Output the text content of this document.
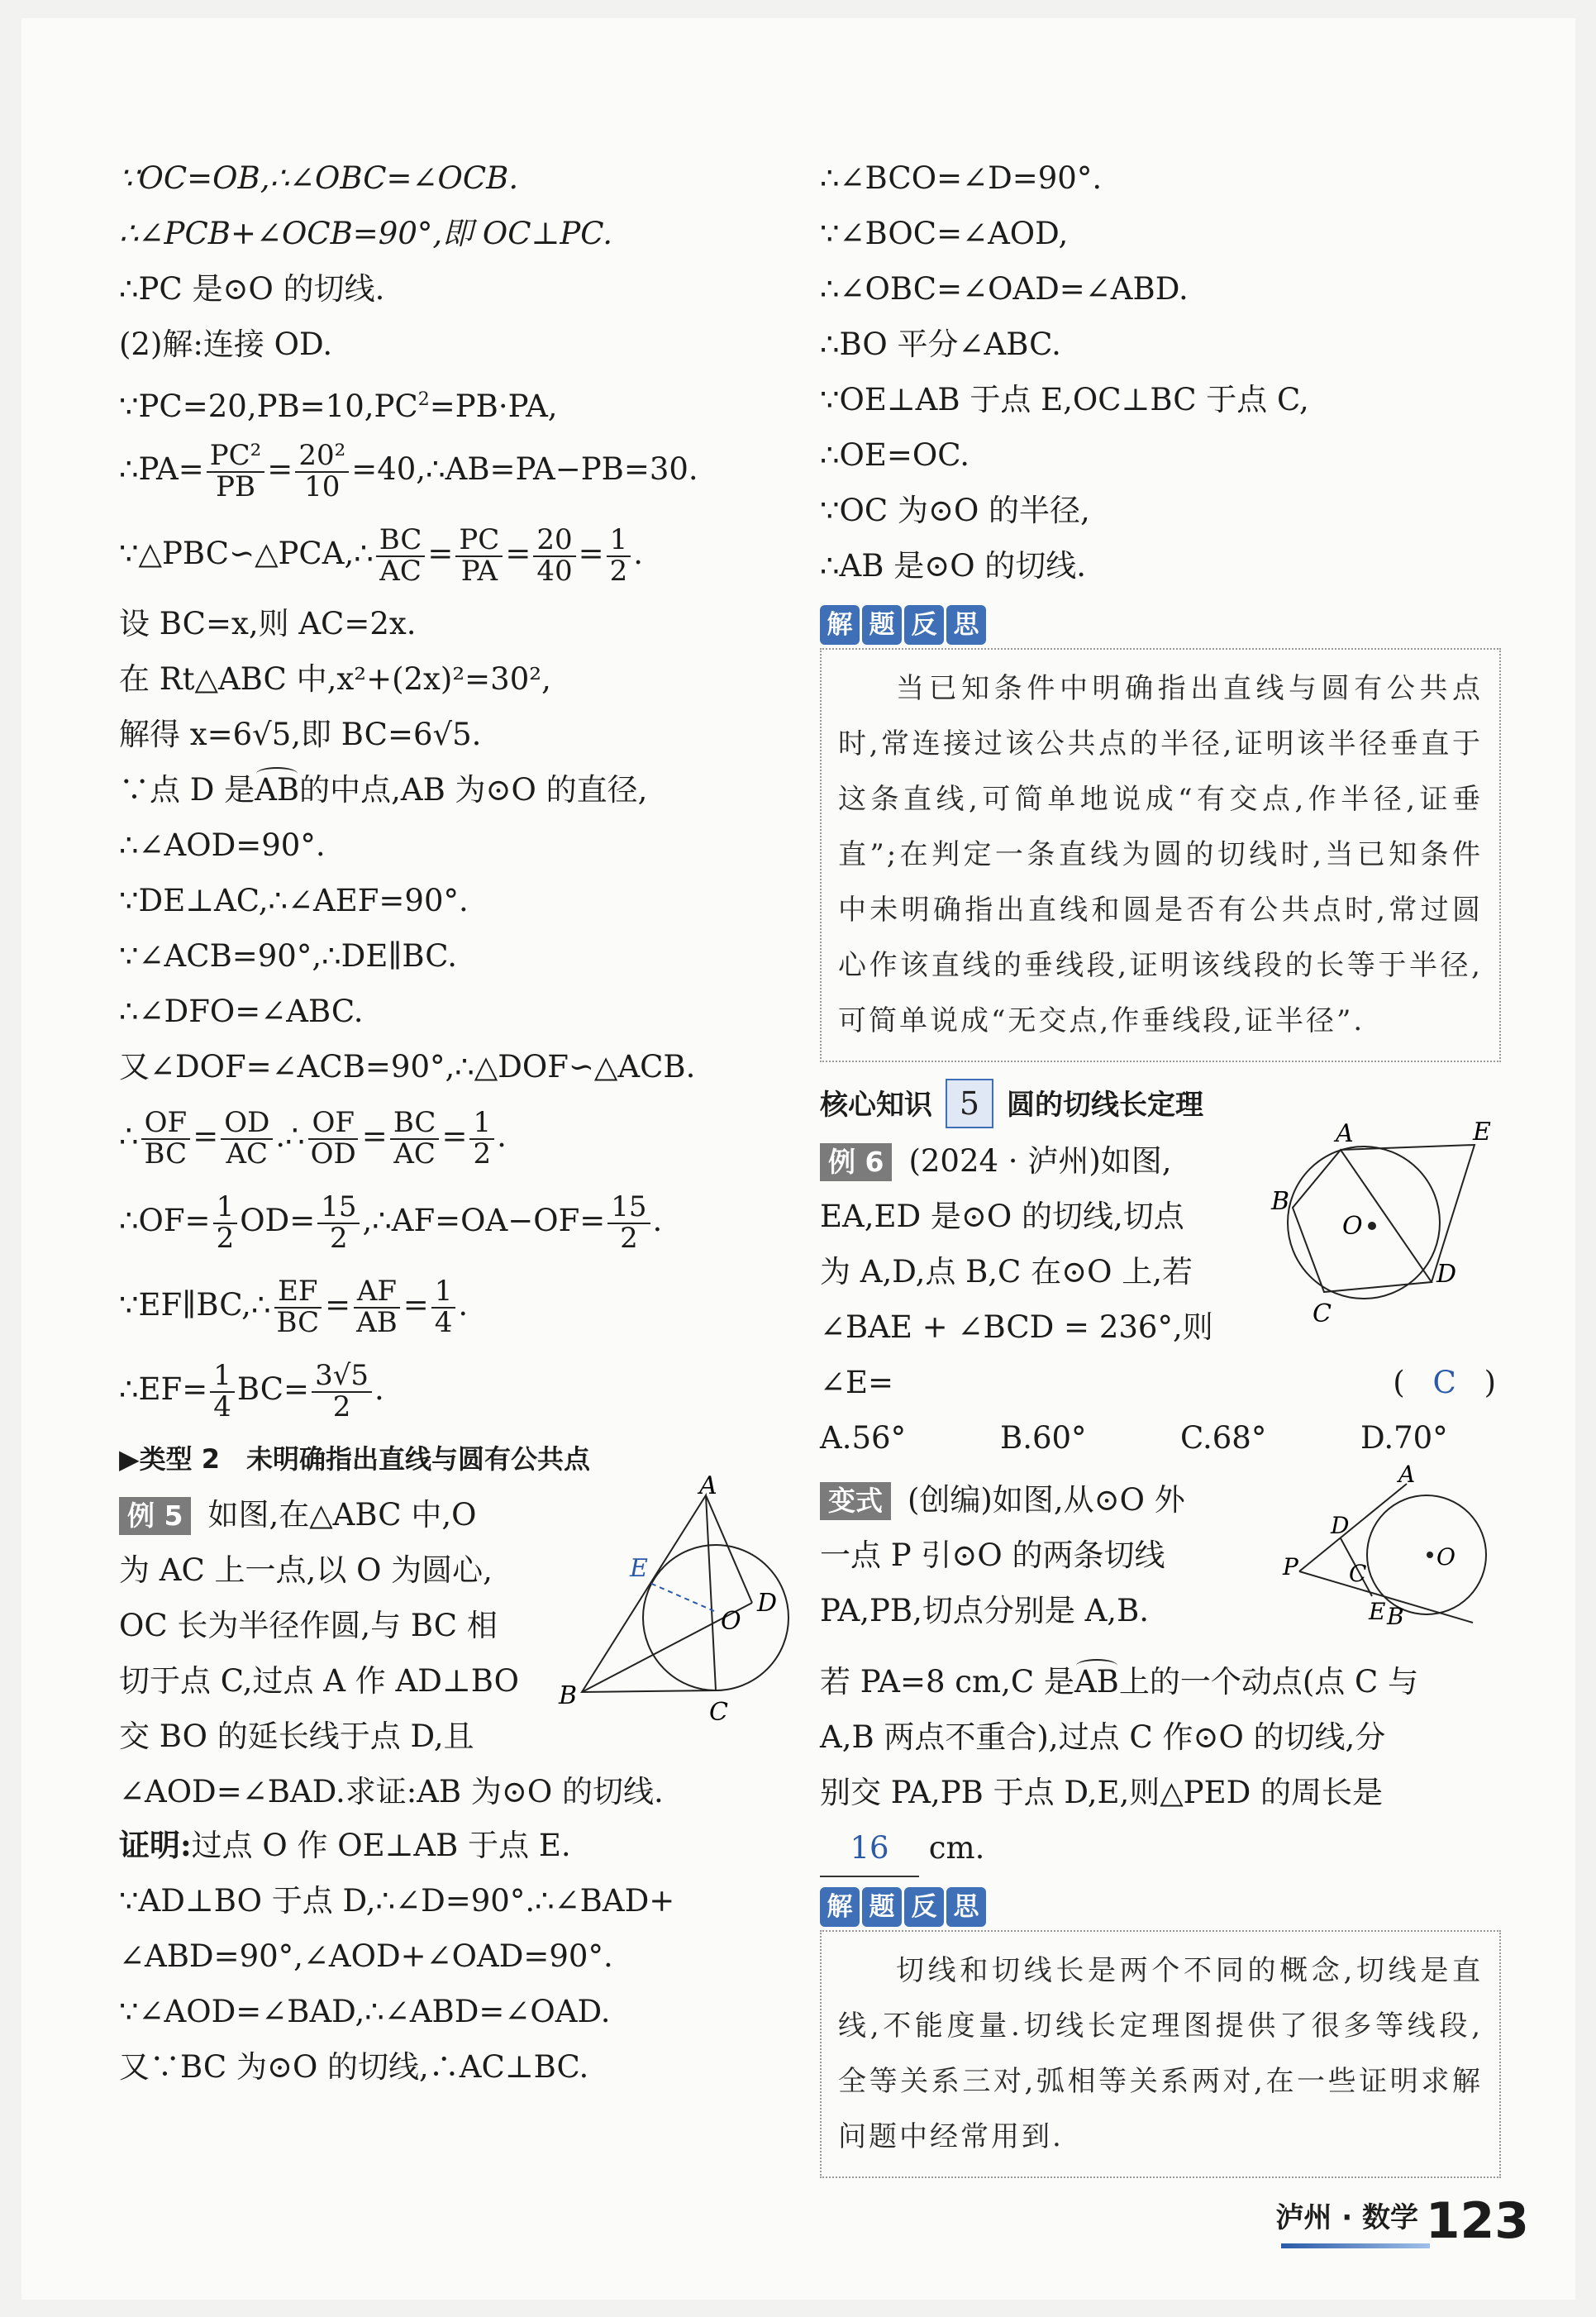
∵OC=OB,∴∠OBC=∠OCB.
∴∠PCB+∠OCB=90°,即 OC⊥PC.
∴PC 是⊙O 的切线.
(2)解:连接 OD.
$\because PC=20,PB=10,PC^2=PB\cdot PA$,
∴PA= $\frac{\text{PC²}}{PB} = \frac{\text{20²}}{10}$ =40,∴AB=PA−PB=30.
∵△PBC∽△PCA,∴ $\frac{BC}{AC} = \frac{PC}{PA} = \frac{20}{40} = \frac{1}{2}$ .
设 BC=x,则 AC=2x.
在 Rt△ABC 中,x²+(2x)²=30²,
解得 x=6√5,即 BC=6√5.
∵点 D 是AB的中点,AB 为⊙O 的直径,
∴∠AOD=90°.
∵DE⊥AC,∴∠AEF=90°.
∵∠ACB=90°,∴DE∥BC.
∴∠DFO=∠ABC.
又∠DOF=∠ACB=90°,∴△DOF∽△ACB.
∴ $\frac{OF}{BC} = \frac{OD}{AC}$ .∴ $\frac{OF}{OD} = \frac{BC}{AC} = \frac{1}{2}$ .
∴OF= $\frac{1}{2} OD= \frac{15}{2}$ ,∴AF=OA−OF= $\frac{15}{2}$ .
∵EF∥BC,∴ $\frac{EF}{BC} = \frac{AF}{AB} = \frac{1}{4}$ .
∴EF= $\frac{1}{4} BC= \frac{3√5}{2}$ .
▶类型 2　未明确指出直线与圆有公共点
例 5 如图,在△ABC 中,O
为 AC 上一点,以 O 为圆心,
OC 长为半径作圆,与 BC 相
切于点 C,过点 A 作 AD⊥BO
交 BO 的延长线于点 D,且
A
B
C
D
E
O
∠AOD=∠BAD.求证:AB 为⊙O 的切线.
证明:过点 O 作 OE⊥AB 于点 E.
∵AD⊥BO 于点 D,∴∠D=90°.∴∠BAD+
∠ABD=90°,∠AOD+∠OAD=90°.
∵∠AOD=∠BAD,∴∠ABD=∠OAD.
又∵BC 为⊙O 的切线,∴AC⊥BC.
∴∠BCO=∠D=90°.
∵∠BOC=∠AOD,
∴∠OBC=∠OAD=∠ABD.
∴BO 平分∠ABC.
∵OE⊥AB 于点 E,OC⊥BC 于点 C,
∴OE=OC.
∵OC 为⊙O 的半径,
∴AB 是⊙O 的切线.
解 题 反 思
当已知条件中明确指出直线与圆有公共点时,常连接过该公共点的半径,证明该半径垂直于这条直线,可简单地说成“有交点,作半径,证垂直”;在判定一条直线为圆的切线时,当已知条件中未明确指出直线和圆是否有公共点时,常过圆心作该直线的垂线段,证明该线段的长等于半径,可简单说成“无交点,作垂线段,证半径”.
核心知识 5 圆的切线长定理
例 6 (2024 · 泸州)如图,
EA,ED 是⊙O 的切线,切点
为 A,D,点 B,C 在⊙O 上,若
∠BAE + ∠BCD = 236°,则
∠E=
A	E
B
O
D
C
( C )
A.56°	B.60°	C.68°	D.70°
变式 (创编)如图,从⊙O 外
一点 P 引⊙O 的两条切线
PA,PB,切点分别是 A,B.
A
D
P C
O
E B
若 PA=8 cm,C 是AB上的一个动点(点 C 与
A,B 两点不重合),过点 C 作⊙O 的切线,分
别交 PA,PB 于点 D,E,则△PED 的周长是
16 cm.
解 题 反 思
切线和切线长是两个不同的概念,切线是直线,不能度量.切线长定理图提供了很多等线段,全等关系三对,弧相等关系两对,在一些证明求解问题中经常用到.
泸州 · 数学 123
